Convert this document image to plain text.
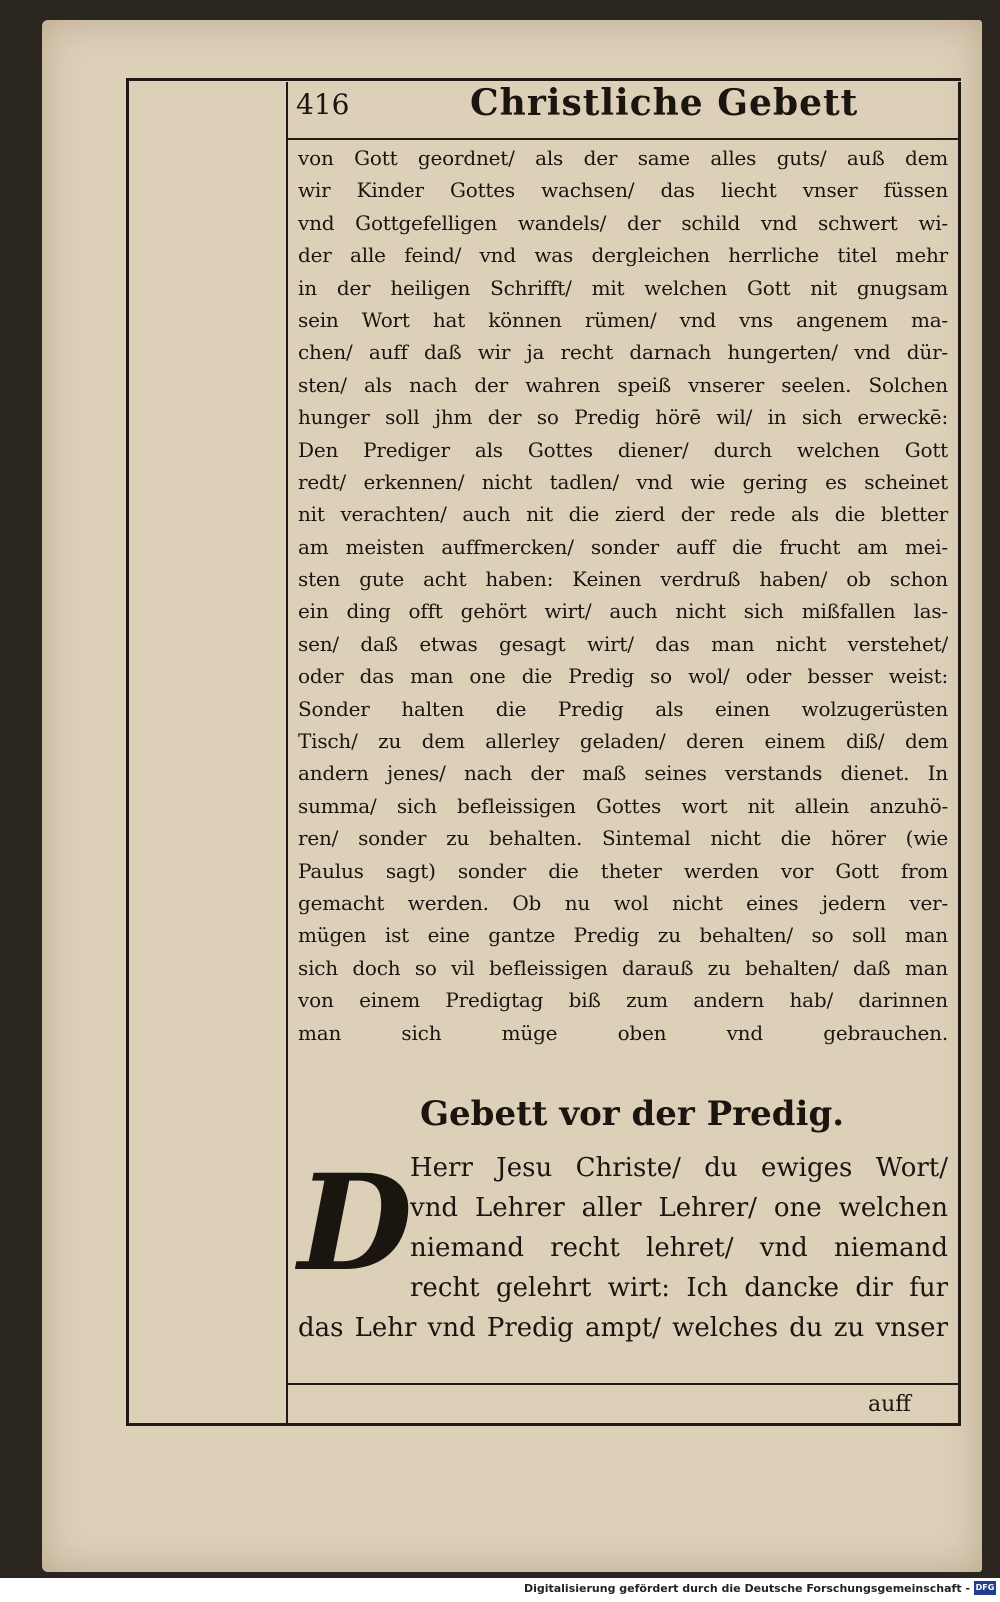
416	Christliche Gebett
von Gott geordnet/ als der same alles guts/ auß dem
wir Kinder Gottes wachsen/ das liecht vnser füssen
vnd Gottgefelligen wandels/ der schild vnd schwert wi-
der alle feind/ vnd was dergleichen herrliche titel mehr
in der heiligen Schrifft/ mit welchen Gott nit gnugsam
sein Wort hat können rümen/ vnd vns angenem ma-
chen/ auff daß wir ja recht darnach hungerten/ vnd dür-
sten/ als nach der wahren speiß vnserer seelen. Solchen
hunger soll jhm der so Predig hörē wil/ in sich erweckē:
Den Prediger als Gottes diener/ durch welchen Gott
redt/ erkennen/ nicht tadlen/ vnd wie gering es scheinet
nit verachten/ auch nit die zierd der rede als die bletter
am meisten auffmercken/ sonder auff die frucht am mei-
sten gute acht haben: Keinen verdruß haben/ ob schon
ein ding offt gehört wirt/ auch nicht sich mißfallen las-
sen/ daß etwas gesagt wirt/ das man nicht verstehet/
oder das man one die Predig so wol/ oder besser weist:
Sonder halten die Predig als einen wolzugerüsten
Tisch/ zu dem allerley geladen/ deren einem diß/ dem
andern jenes/ nach der maß seines verstands dienet. In
summa/ sich befleissigen Gottes wort nit allein anzuhö-
ren/ sonder zu behalten. Sintemal nicht die hörer (wie
Paulus sagt) sonder die theter werden vor Gott from
gemacht werden. Ob nu wol nicht eines jedern ver-
mügen ist eine gantze Predig zu behalten/ so soll man
sich doch so vil befleissigen darauß zu behalten/ daß man
von einem Predigtag biß zum andern hab/ darinnen
man sich müge oben vnd gebrauchen.
Gebett vor der Predig.
D
Herr Jesu Christe/ du ewiges Wort/
vnd Lehrer aller Lehrer/ one welchen
niemand recht lehret/ vnd niemand
recht gelehrt wirt: Ich dancke dir fur
das Lehr vnd Predig ampt/ welches du zu vnser
auff
Digitalisierung gefördert durch die Deutsche Forschungsgemeinschaft - DFG
